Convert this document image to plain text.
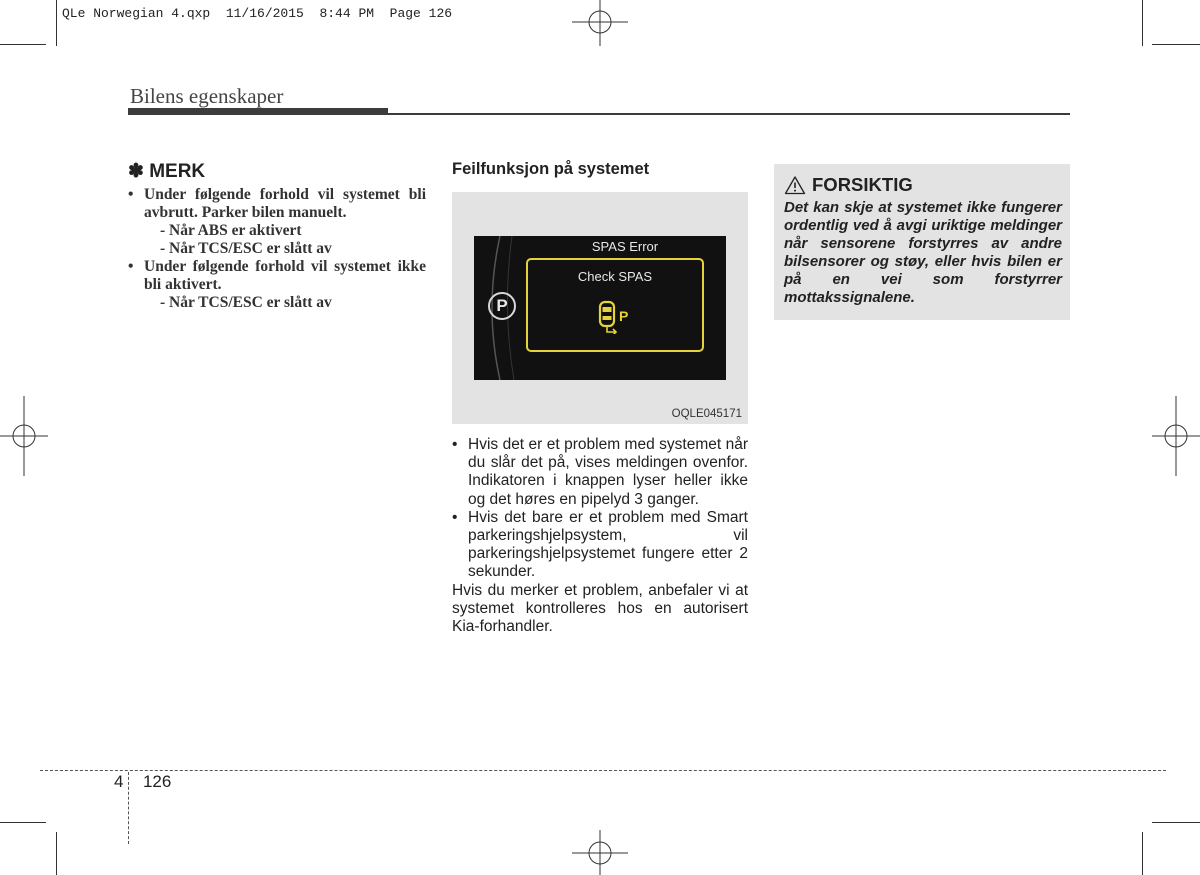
QLe Norwegian 4.qxp  11/16/2015  8:44 PM  Page 126
Bilens egenskaper
✽ MERK
• Under følgende forhold vil systemet bli avbrutt. Parker bilen manuelt.
- Når ABS er aktivert
- Når TCS/ESC er slått av
• Under følgende forhold vil systemet ikke bli aktivert.
- Når TCS/ESC er slått av
Feilfunksjon på systemet
P
SPAS Error
Check SPAS
P
OQLE045171
• Hvis det er et problem med systemet når du slår det på, vises meldingen ovenfor. Indikatoren i knappen lyser heller ikke og det høres en pipelyd 3 ganger.
• Hvis det bare er et problem med Smart parkeringshjelpsystem, vil parkeringshjelpsystemet fungere etter 2 sekunder.

Hvis du merker et problem, anbefaler vi at systemet kontrolleres hos en autorisert Kia-forhandler.

FORSIKTIG
Det kan skje at systemet ikke fungerer ordentlig ved å avgi uriktige meldinger når sensorene forstyrres av andre bilsensorer og støy, eller hvis bilen er på en vei som forstyrrer mottakssignalene.
4 126
